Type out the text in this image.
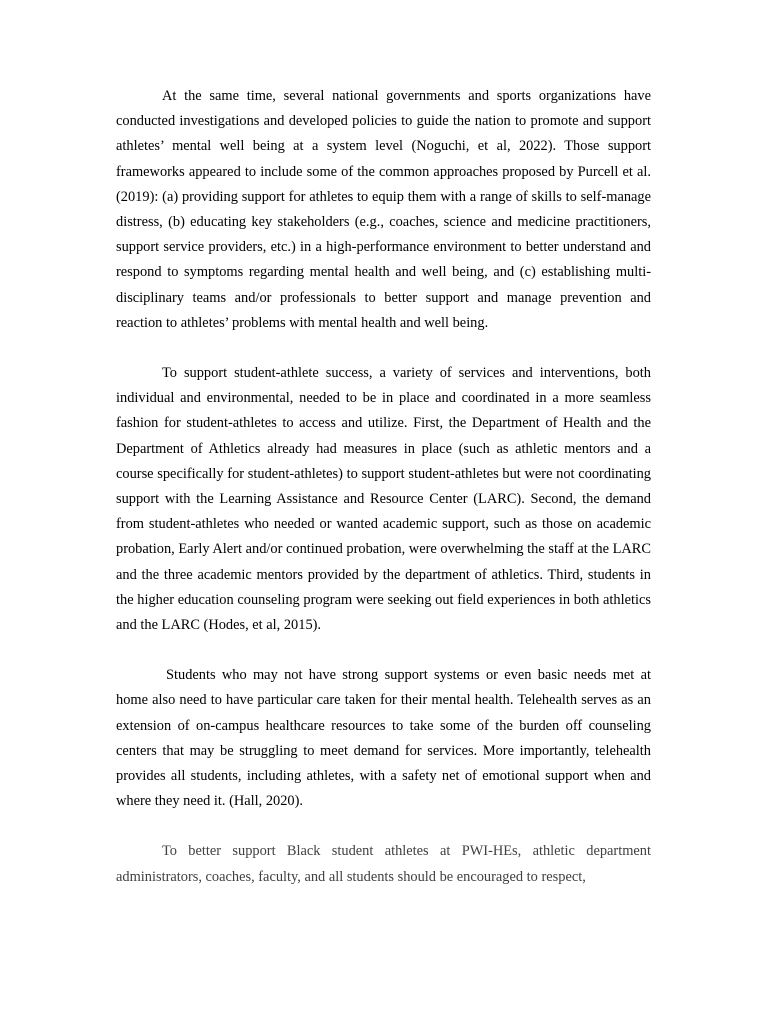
At the same time, several national governments and sports organizations have conducted investigations and developed policies to guide the nation to promote and support athletes’ mental well being at a system level (Noguchi, et al, 2022). Those support frameworks appeared to include some of the common approaches proposed by Purcell et al. (2019): (a) providing support for athletes to equip them with a range of skills to self-manage distress, (b) educating key stakeholders (e.g., coaches, science and medicine practitioners, support service providers, etc.) in a high-performance environment to better understand and respond to symptoms regarding mental health and well being, and (c) establishing multi-disciplinary teams and/or professionals to better support and manage prevention and reaction to athletes’ problems with mental health and well being.

To support student-athlete success, a variety of services and interventions, both individual and environmental, needed to be in place and coordinated in a more seamless fashion for student-athletes to access and utilize. First, the Department of Health and the Department of Athletics already had measures in place (such as athletic mentors and a course specifically for student-athletes) to support student-athletes but were not coordinating support with the Learning Assistance and Resource Center (LARC). Second, the demand from student-athletes who needed or wanted academic support, such as those on academic probation, Early Alert and/or continued probation, were overwhelming the staff at the LARC and the three academic mentors provided by the department of athletics. Third, students in the higher education counseling program were seeking out field experiences in both athletics and the LARC (Hodes, et al, 2015).

Students who may not have strong support systems or even basic needs met at home also need to have particular care taken for their mental health. Telehealth serves as an extension of on-campus healthcare resources to take some of the burden off counseling centers that may be struggling to meet demand for services. More importantly, telehealth provides all students, including athletes, with a safety net of emotional support when and where they need it. (Hall, 2020).

To better support Black student athletes at PWI-HEs, athletic department administrators, coaches, faculty, and all students should be encouraged to respect,
